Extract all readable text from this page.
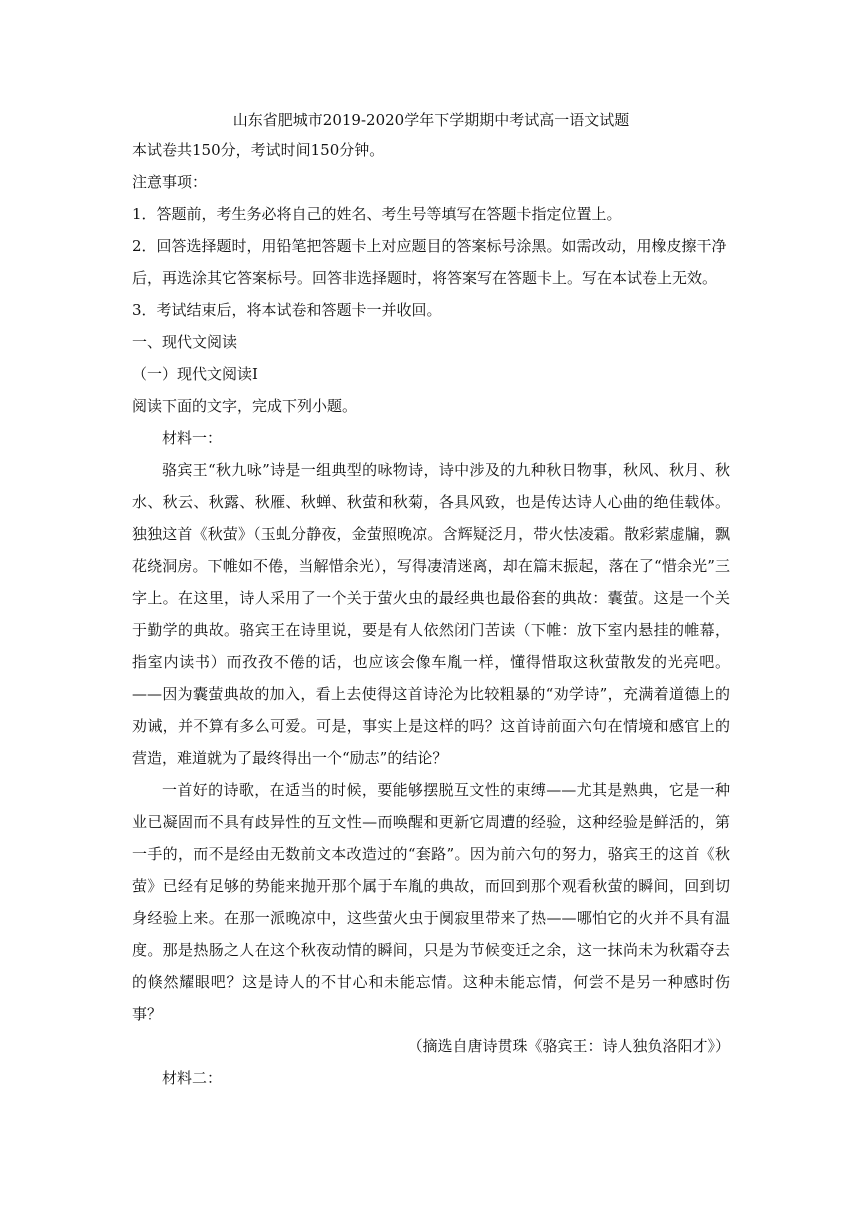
山东省肥城市2019-2020学年下学期期中考试高一语文试题

本试卷共150分，考试时间150分钟。

注意事项：

1．答题前，考生务必将自己的姓名、考生号等填写在答题卡指定位置上。

2．回答选择题时，用铅笔把答题卡上对应题目的答案标号涂黑。如需改动，用橡皮擦干净

后，再选涂其它答案标号。回答非选择题时，将答案写在答题卡上。写在本试卷上无效。

3．考试结束后，将本试卷和答题卡一并收回。

一、现代文阅读

（一）现代文阅读Ⅰ

阅读下面的文字，完成下列小题。

材料一：

骆宾王“秋九咏”诗是一组典型的咏物诗，诗中涉及的九种秋日物事，秋风、秋月、秋水、秋云、秋露、秋雁、秋蝉、秋萤和秋菊，各具风致，也是传达诗人心曲的绝佳载体。独独这首《秋萤》（玉虬分静夜，金萤照晚凉。含辉疑泛月，带火怯凌霜。散彩萦虚牖，飘花绕洞房。下帷如不倦，当解惜余光），写得凄清迷离，却在篇末振起，落在了“惜余光”三字上。在这里，诗人采用了一个关于萤火虫的最经典也最俗套的典故：囊萤。这是一个关于勤学的典故。骆宾王在诗里说，要是有人依然闭门苦读（下帷：放下室内悬挂的帷幕，指室内读书）而孜孜不倦的话，也应该会像车胤一样，懂得惜取这秋萤散发的光亮吧。——因为囊萤典故的加入，看上去使得这首诗沦为比较粗暴的“劝学诗”，充满着道德上的劝诫，并不算有多么可爱。可是，事实上是这样的吗？这首诗前面六句在情境和感官上的营造，难道就为了最终得出一个“励志”的结论？

一首好的诗歌，在适当的时候，要能够摆脱互文性的束缚——尤其是熟典，它是一种业已凝固而不具有歧异性的互文性—而唤醒和更新它周遭的经验，这种经验是鲜活的，第一手的，而不是经由无数前文本改造过的“套路”。因为前六句的努力，骆宾王的这首《秋萤》已经有足够的势能来抛开那个属于车胤的典故，而回到那个观看秋萤的瞬间，回到切身经验上来。在那一派晚凉中，这些萤火虫于阒寂里带来了热——哪怕它的火并不具有温度。那是热肠之人在这个秋夜动情的瞬间，只是为节候变迁之余，这一抹尚未为秋霜夺去的倏然耀眼吧？这是诗人的不甘心和未能忘情。这种未能忘情，何尝不是另一种感时伤事？

（摘选自唐诗贯珠《骆宾王：诗人独负洛阳才》）

材料二：
